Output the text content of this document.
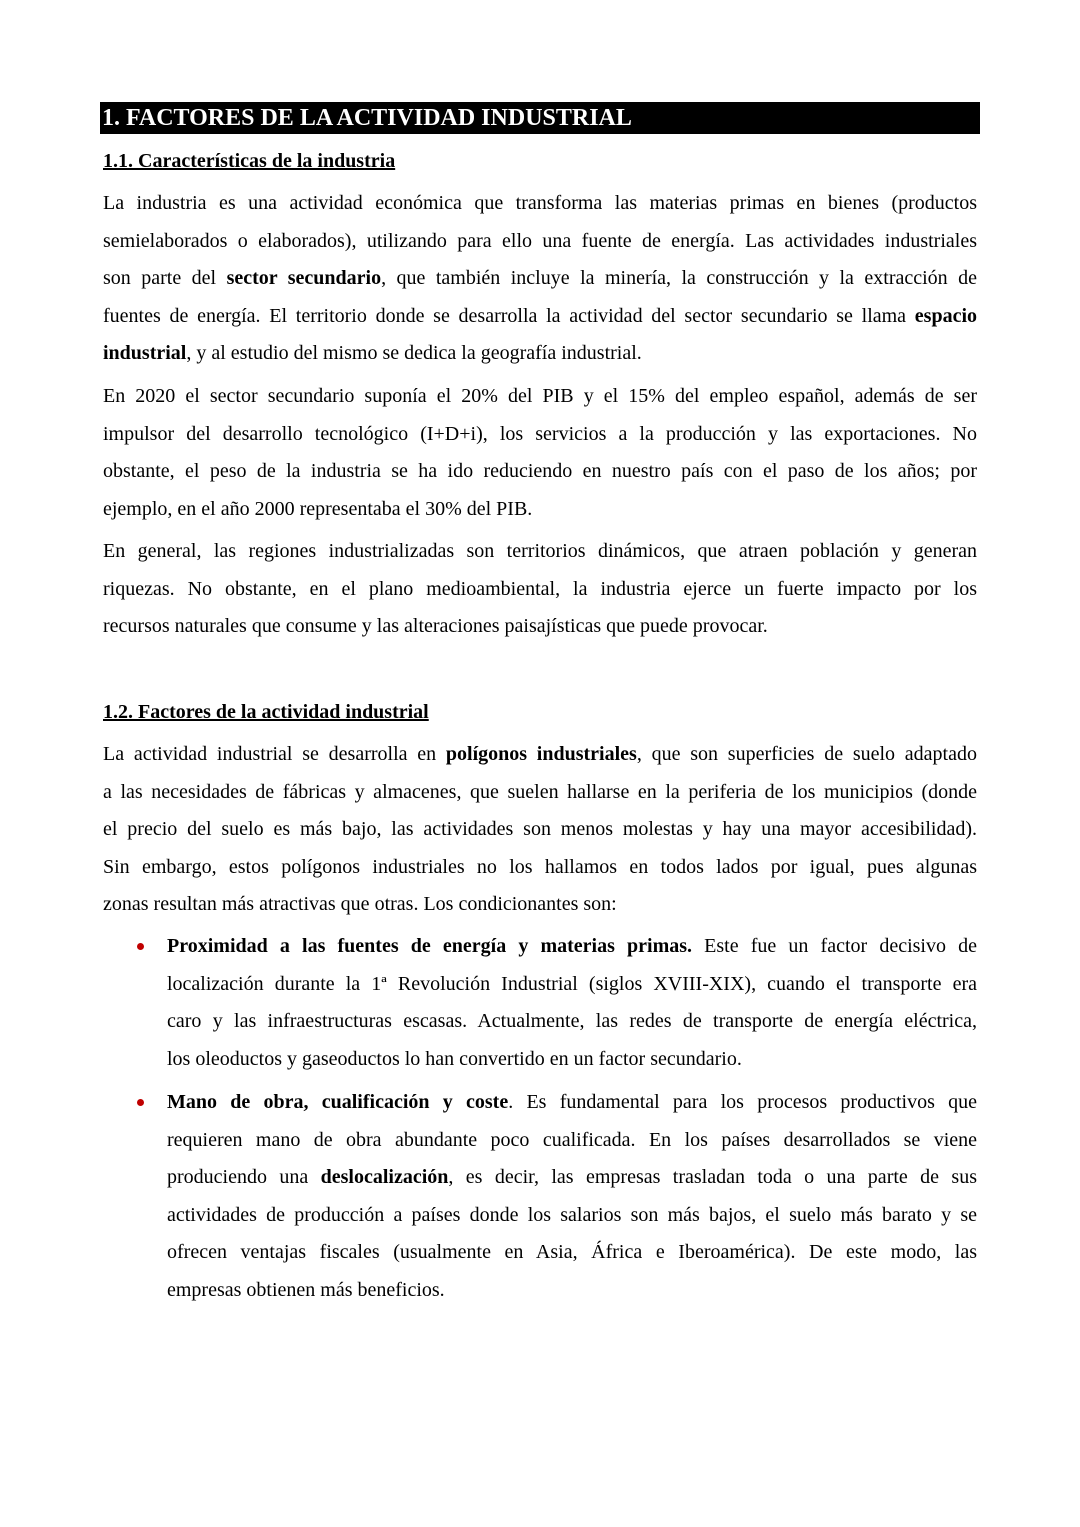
1. FACTORES DE LA ACTIVIDAD INDUSTRIAL
1.1. Características de la industria
La industria es una actividad económica que transforma las materias primas en bienes (productos
semielaborados o elaborados), utilizando para ello una fuente de energía. Las actividades industriales
son parte del sector secundario, que también incluye la minería, la construcción y la extracción de
fuentes de energía. El territorio donde se desarrolla la actividad del sector secundario se llama espacio
industrial, y al estudio del mismo se dedica la geografía industrial.
En 2020 el sector secundario suponía el 20% del PIB y el 15% del empleo español, además de ser
impulsor del desarrollo tecnológico (I+D+i), los servicios a la producción y las exportaciones. No
obstante, el peso de la industria se ha ido reduciendo en nuestro país con el paso de los años; por
ejemplo, en el año 2000 representaba el 30% del PIB.
En general, las regiones industrializadas son territorios dinámicos, que atraen población y generan
riquezas. No obstante, en el plano medioambiental, la industria ejerce un fuerte impacto por los
recursos naturales que consume y las alteraciones paisajísticas que puede provocar.
1.2. Factores de la actividad industrial
La actividad industrial se desarrolla en polígonos industriales, que son superficies de suelo adaptado
a las necesidades de fábricas y almacenes, que suelen hallarse en la periferia de los municipios (donde
el precio del suelo es más bajo, las actividades son menos molestas y hay una mayor accesibilidad).
Sin embargo, estos polígonos industriales no los hallamos en todos lados por igual, pues algunas
zonas resultan más atractivas que otras. Los condicionantes son:
Proximidad a las fuentes de energía y materias primas. Este fue un factor decisivo de
localización durante la 1ª Revolución Industrial (siglos XVIII-XIX), cuando el transporte era
caro y las infraestructuras escasas. Actualmente, las redes de transporte de energía eléctrica,
los oleoductos y gaseoductos lo han convertido en un factor secundario.
Mano de obra, cualificación y coste. Es fundamental para los procesos productivos que
requieren mano de obra abundante poco cualificada. En los países desarrollados se viene
produciendo una deslocalización, es decir, las empresas trasladan toda o una parte de sus
actividades de producción a países donde los salarios son más bajos, el suelo más barato y se
ofrecen ventajas fiscales (usualmente en Asia, África e Iberoamérica). De este modo, las
empresas obtienen más beneficios.
